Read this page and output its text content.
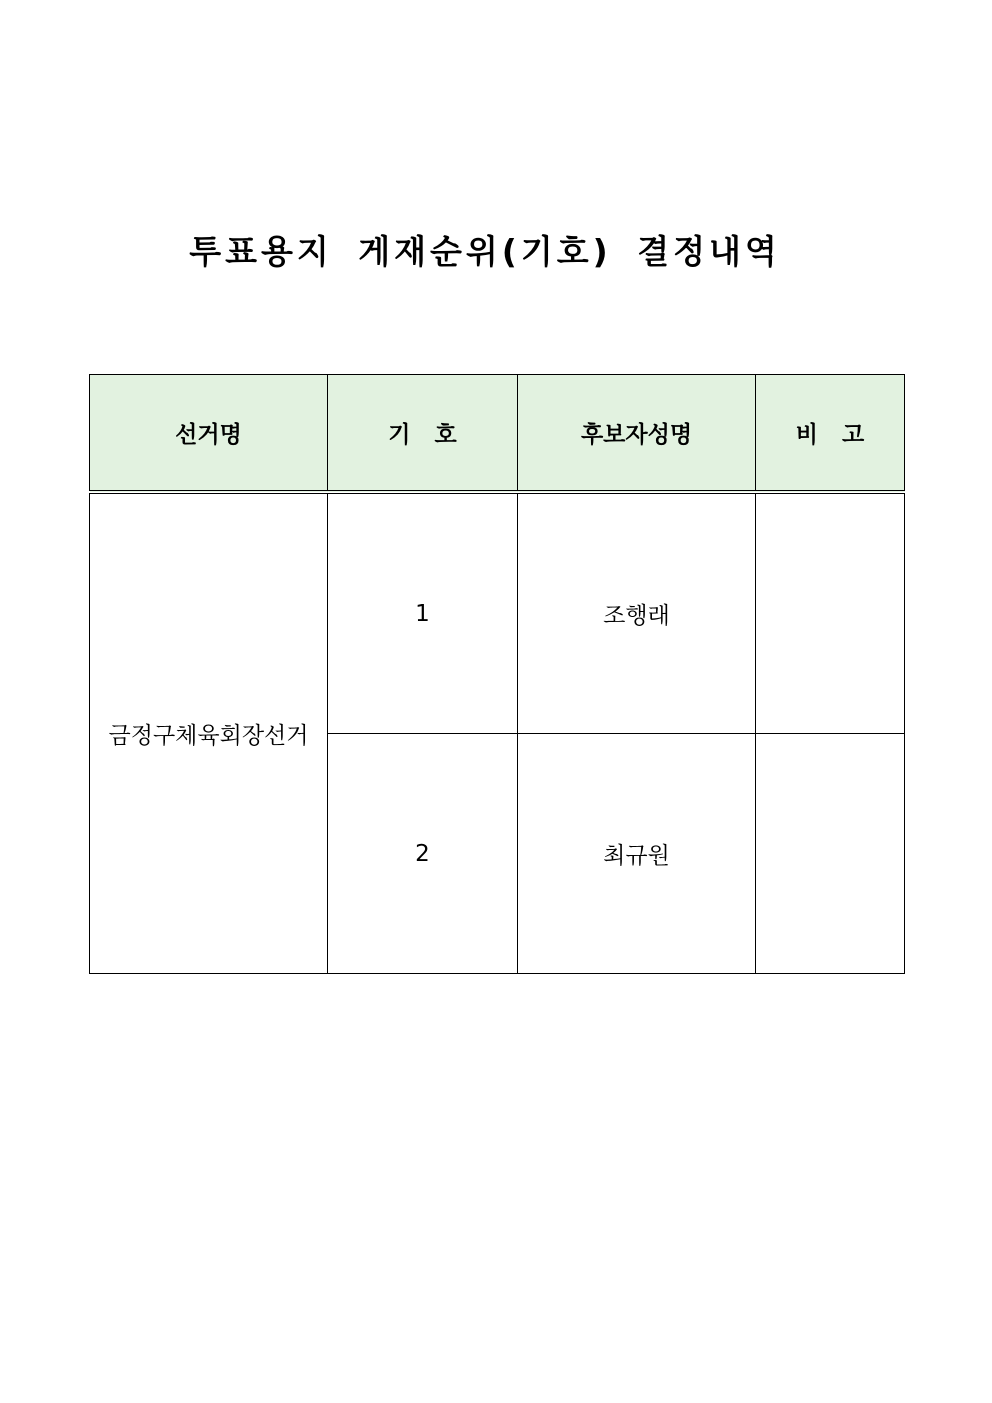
투표용지 게재순위(기호) 결정내역
선거명	기   호	후보자성명	비   고
금정구체육회장선거	1	조행래	
	2	최규원	
